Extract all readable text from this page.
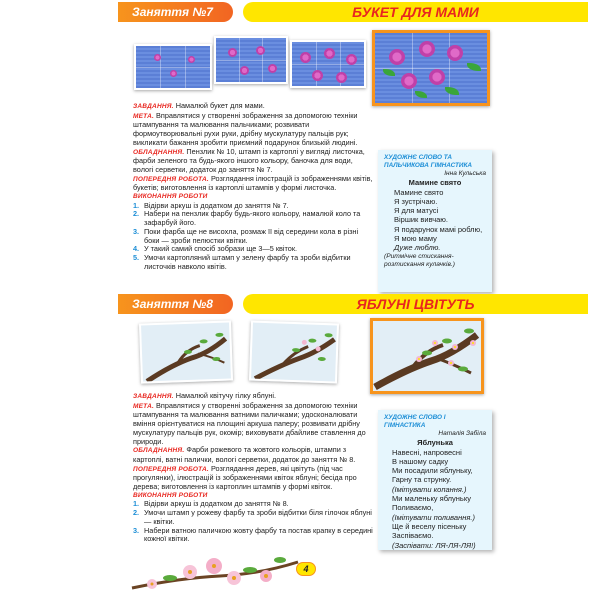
Заняття №7	БУКЕТ ДЛЯ МАМИ

ЗАВДАННЯ. Намалюй букет для мами.

МЕТА. Вправлятися у створенні зображення за допомогою техніки штампування та малювання пальчиками; розвивати формоутворювальні рухи руки, дрібну мускулатуру пальців рук; викликати бажання зробити приємний подарунок близькій людині.

ОБЛАДНАННЯ. Пензлик № 10, штамп із картоплі у вигляді листочка, фарби зеленого та будь-якого іншого кольору, баночка для води, вологі серветки, додаток до заняття № 7.

ПОПЕРЕДНЯ РОБОТА. Розглядання ілюстрацій із зображеннями квітів, букетів; виготовлення із картоплі штампів у формі листочка.

ВИКОНАННЯ РОБОТИ

1. Відірви аркуш із додатком до заняття № 7.
2. Набери на пензлик фарбу будь-якого кольору, намалюй коло та зафарбуй його.
3. Поки фарба ще не висохла, розмаж її від середини кола в різні боки — зроби пелюстки квітки.
4. У такий самий спосіб зобрази ще 3—5 квіток.
5. Умочи картопляний штамп у зелену фарбу та зроби відбитки листочків навколо квітів.

ХУДОЖНЄ СЛОВО ТА ПАЛЬЧИКОВА ГІМНАСТИКА

Інна Кульська

Мамине свято

Мамине свято

Я зустрічаю.

Я для матусі

Віршик вивчаю.

Я подарунок мамі роблю,

Я мою маму

Дуже люблю.

(Ритмічне стискання-розтискання кулачків.)

Заняття №8	ЯБЛУНІ ЦВІТУТЬ

ЗАВДАННЯ. Намалюй квітучу гілку яблуні.

МЕТА. Вправлятися у створенні зображення за допомогою техніки штампування та малювання ватними паличками; удосконалювати вміння орієнтуватися на площині аркуша паперу; розвивати дрібну мускулатуру пальців рук, окомір; виховувати дбайливе ставлення до природи.

ОБЛАДНАННЯ. Фарби рожевого та жовтого кольорів, штампи з картоплі, ватні палички, вологі серветки, додаток до заняття № 8.

ПОПЕРЕДНЯ РОБОТА. Розглядання дерев, які цвітуть (під час прогулянки), ілюстрацій із зображеннями квіток яблуні; бесіда про дерева; виготовлення із картоплин штампів у формі квіток.

ВИКОНАННЯ РОБОТИ

1. Відірви аркуш із додатком до заняття № 8.
2. Умочи штамп у рожеву фарбу та зроби відбитки біля гілочок яблуні — квітки.
3. Набери ватною паличкою жовту фарбу та постав крапку в середині кожної квітки.

ХУДОЖНЄ СЛОВО І ГІМНАСТИКА

Наталія Забіла

Яблунька

Навесні, напровесні

В нашому садку

Ми посадили яблуньку,

Гарну та струнку.

(Імітувати копання.)

Ми маленьку яблуньку

Поливаємо,

(Імітувати поливання.)

Ще й веселу пісеньку

Заспіваємо.

(Заспівати: ЛЯ-ЛЯ-ЛЯ!)

4
